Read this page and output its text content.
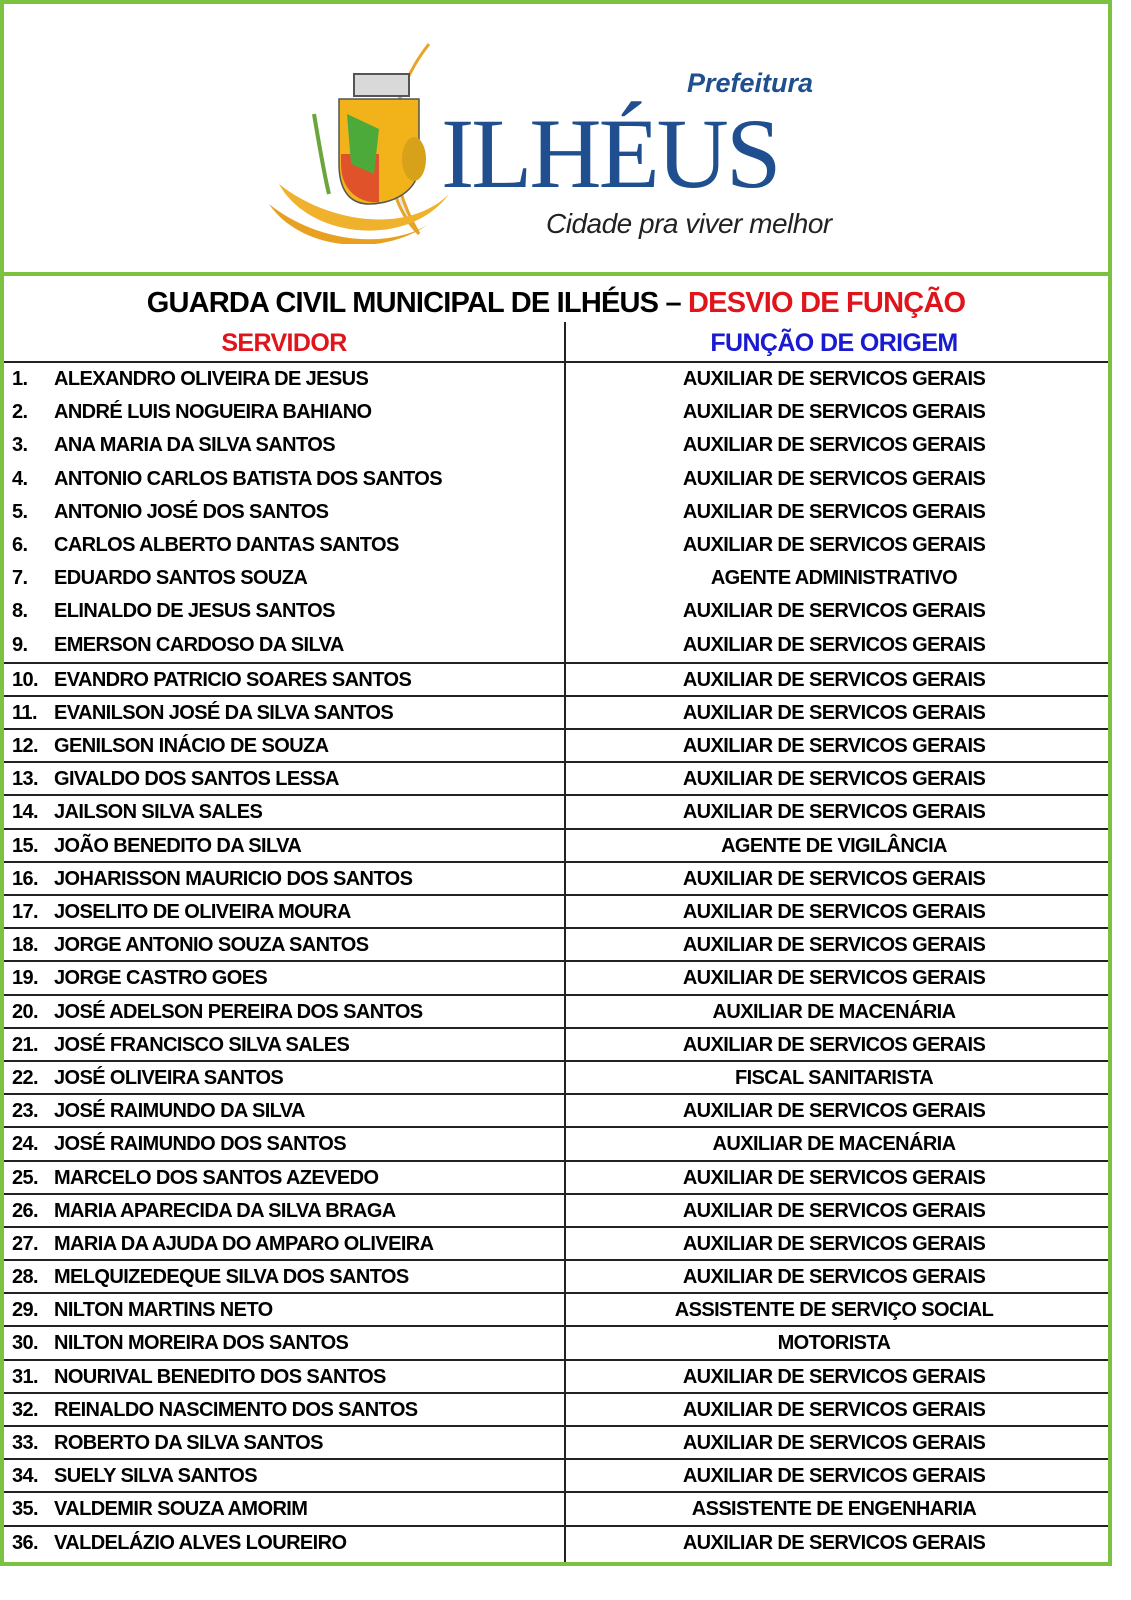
Prefeitura
ILHÉUS
Cidade pra viver melhor
GUARDA CIVIL MUNICIPAL DE ILHÉUS – DESVIO DE FUNÇÃO
SERVIDOR	FUNÇÃO DE ORIGEM
1. ALEXANDRO OLIVEIRA DE JESUS	AUXILIAR DE SERVICOS GERAIS
2. ANDRÉ LUIS NOGUEIRA BAHIANO	AUXILIAR DE SERVICOS GERAIS
3. ANA MARIA DA SILVA SANTOS	AUXILIAR DE SERVICOS GERAIS
4. ANTONIO CARLOS BATISTA DOS SANTOS	AUXILIAR DE SERVICOS GERAIS
5. ANTONIO JOSÉ DOS SANTOS	AUXILIAR DE SERVICOS GERAIS
6. CARLOS ALBERTO DANTAS SANTOS	AUXILIAR DE SERVICOS GERAIS
7. EDUARDO SANTOS SOUZA	AGENTE ADMINISTRATIVO
8. ELINALDO DE JESUS SANTOS	AUXILIAR DE SERVICOS GERAIS
9. EMERSON CARDOSO DA SILVA	AUXILIAR DE SERVICOS GERAIS
10. EVANDRO PATRICIO SOARES SANTOS	AUXILIAR DE SERVICOS GERAIS
11. EVANILSON JOSÉ DA SILVA SANTOS	AUXILIAR DE SERVICOS GERAIS
12. GENILSON INÁCIO DE SOUZA	AUXILIAR DE SERVICOS GERAIS
13. GIVALDO DOS SANTOS LESSA	AUXILIAR DE SERVICOS GERAIS
14. JAILSON SILVA SALES	AUXILIAR DE SERVICOS GERAIS
15. JOÃO BENEDITO DA SILVA	AGENTE DE VIGILÂNCIA
16. JOHARISSON MAURICIO DOS SANTOS	AUXILIAR DE SERVICOS GERAIS
17. JOSELITO DE OLIVEIRA MOURA	AUXILIAR DE SERVICOS GERAIS
18. JORGE ANTONIO SOUZA SANTOS	AUXILIAR DE SERVICOS GERAIS
19. JORGE CASTRO GOES	AUXILIAR DE SERVICOS GERAIS
20. JOSÉ ADELSON PEREIRA DOS SANTOS	AUXILIAR DE MACENÁRIA
21. JOSÉ FRANCISCO SILVA SALES	AUXILIAR DE SERVICOS GERAIS
22. JOSÉ OLIVEIRA SANTOS	FISCAL SANITARISTA
23. JOSÉ RAIMUNDO DA SILVA	AUXILIAR DE SERVICOS GERAIS
24. JOSÉ RAIMUNDO DOS SANTOS	AUXILIAR DE MACENÁRIA
25. MARCELO DOS SANTOS AZEVEDO	AUXILIAR DE SERVICOS GERAIS
26. MARIA APARECIDA DA SILVA BRAGA	AUXILIAR DE SERVICOS GERAIS
27. MARIA DA AJUDA DO AMPARO OLIVEIRA	AUXILIAR DE SERVICOS GERAIS
28. MELQUIZEDEQUE SILVA DOS SANTOS	AUXILIAR DE SERVICOS GERAIS
29. NILTON MARTINS NETO	ASSISTENTE DE SERVIÇO SOCIAL
30. NILTON MOREIRA DOS SANTOS	MOTORISTA
31. NOURIVAL BENEDITO DOS SANTOS	AUXILIAR DE SERVICOS GERAIS
32. REINALDO NASCIMENTO DOS SANTOS	AUXILIAR DE SERVICOS GERAIS
33. ROBERTO DA SILVA SANTOS	AUXILIAR DE SERVICOS GERAIS
34. SUELY SILVA SANTOS	AUXILIAR DE SERVICOS GERAIS
35. VALDEMIR SOUZA AMORIM	ASSISTENTE DE ENGENHARIA
36. VALDELÁZIO ALVES LOUREIRO	AUXILIAR DE SERVICOS GERAIS
